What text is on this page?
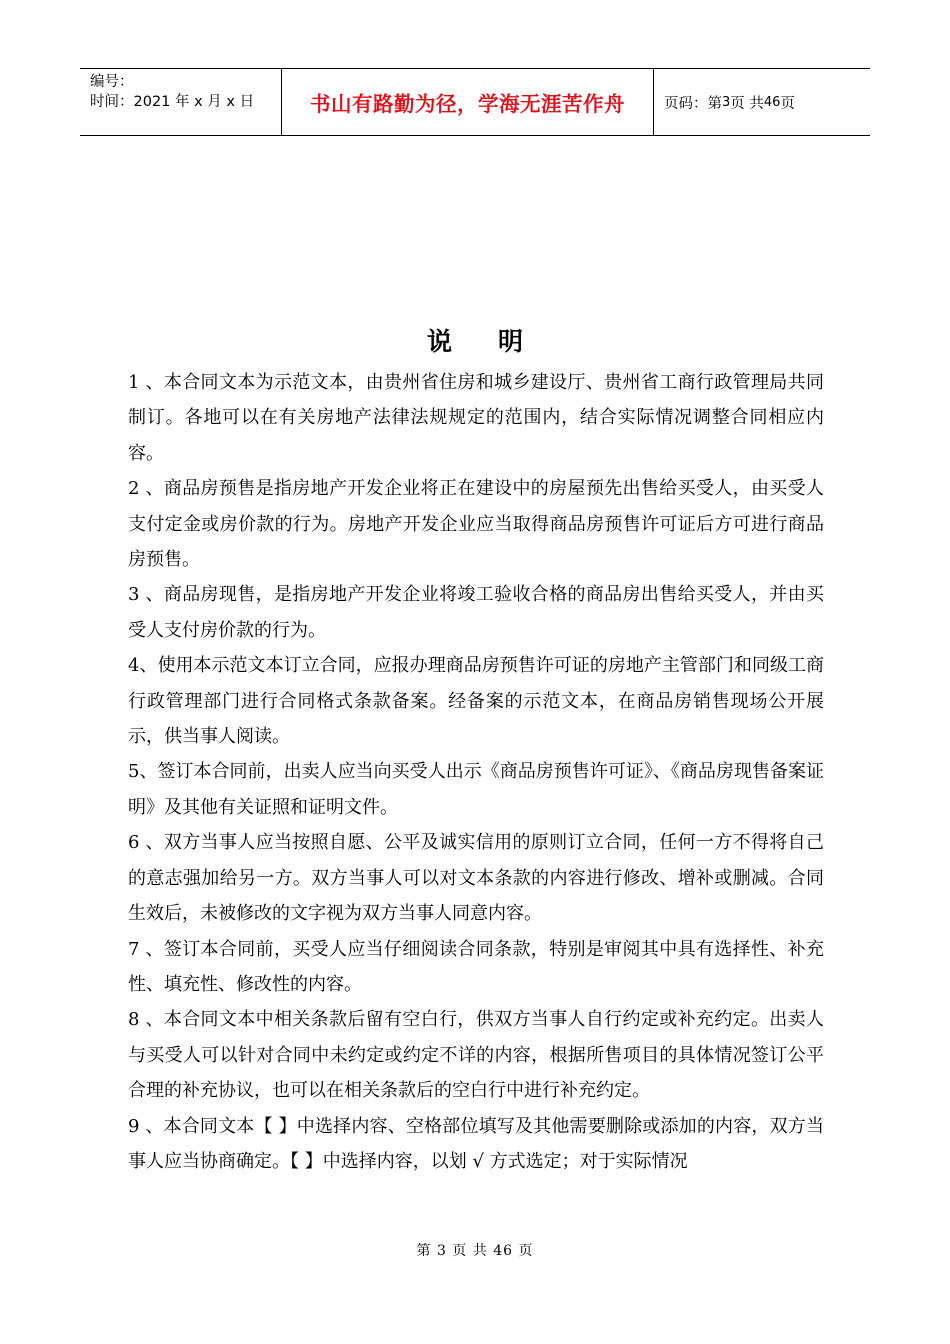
编号：
时间：2021 年 x 月 x 日	书山有路勤为径，学海无涯苦作舟	页码：第 3 页 共 46 页
说明

1 、本合同文本为示范文本，由贵州省住房和城乡建设厅、贵州省工商行政管理局共同制订。各地可以在有关房地产法律法规规定的范围内，结合实际情况调整合同相应内容。

2 、商品房预售是指房地产开发企业将正在建设中的房屋预先出售给买受人，由买受人支付定金或房价款的行为。房地产开发企业应当取得商品房预售许可证后方可进行商品房预售。

3 、商品房现售，是指房地产开发企业将竣工验收合格的商品房出售给买受人，并由买受人支付房价款的行为。

4、使用本示范文本订立合同，应报办理商品房预售许可证的房地产主管部门和同级工商行政管理部门进行合同格式条款备案。经备案的示范文本，在商品房销售现场公开展示，供当事人阅读。

5、签订本合同前，出卖人应当向买受人出示《商品房预售许可证》、《商品房现售备案证明》及其他有关证照和证明文件。

6 、双方当事人应当按照自愿、公平及诚实信用的原则订立合同，任何一方不得将自己的意志强加给另一方。双方当事人可以对文本条款的内容进行修改、增补或删减。合同生效后，未被修改的文字视为双方当事人同意内容。

7 、签订本合同前，买受人应当仔细阅读合同条款，特别是审阅其中具有选择性、补充性、填充性、修改性的内容。

8 、本合同文本中相关条款后留有空白行，供双方当事人自行约定或补充约定。出卖人与买受人可以针对合同中未约定或约定不详的内容，根据所售项目的具体情况签订公平合理的补充协议，也可以在相关条款后的空白行中进行补充约定。

9 、本合同文本【 】中选择内容、空格部位填写及其他需要删除或添加的内容，双方当事人应当协商确定。【 】中选择内容，以划 √ 方式选定；对于实际情况

第 3 页 共 46 页
